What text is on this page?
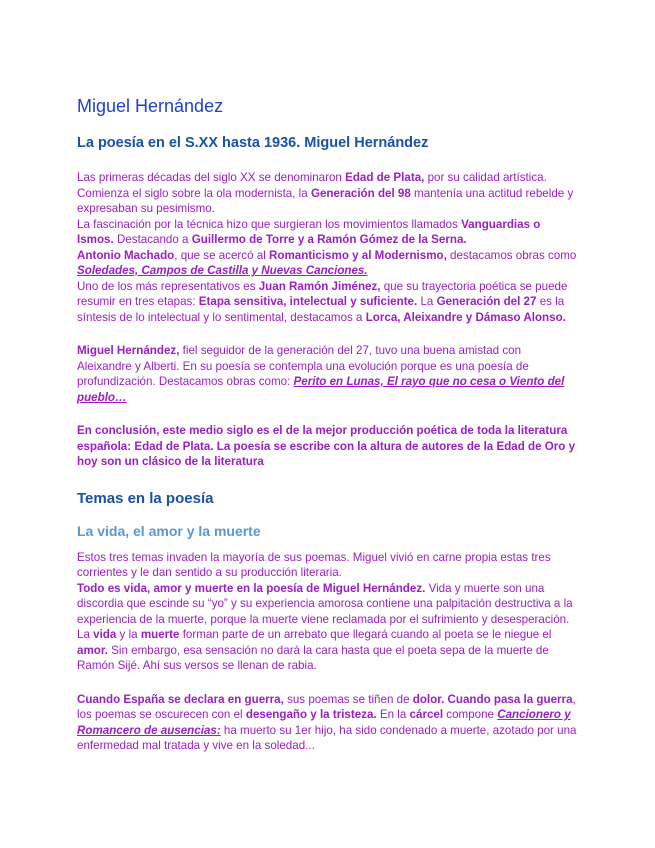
Miguel Hernández
La poesía en el S.XX hasta 1936. Miguel Hernández

Las primeras décadas del siglo XX se denominaron Edad de Plata, por su calidad artística. Comienza el siglo sobre la ola modernista, la Generación del 98 mantenía una actitud rebelde y expresaban su pesimismo.

La fascinación por la técnica hizo que surgieran los movimientos llamados Vanguardias o Ismos. Destacando a Guillermo de Torre y a Ramón Gómez de la Serna.

Antonio Machado, que se acercó al Romanticismo y al Modernismo, destacamos obras como Soledades, Campos de Castilla y Nuevas Canciones.

Uno de los más representativos es Juan Ramón Jiménez, que su trayectoria poética se puede resumir en tres etapas: Etapa sensitiva, intelectual y suficiente. La Generación del 27 es la síntesis de lo intelectual y lo sentimental, destacamos a Lorca, Aleixandre y Dámaso Alonso.

Miguel Hernández, fiel seguidor de la generación del 27, tuvo una buena amistad con Aleixandre y Alberti. En su poesía se contempla una evolución porque es una poesía de profundización. Destacamos obras como: Perito en Lunas, El rayo que no cesa o Viento del pueblo…

En conclusión, este medio siglo es el de la mejor producción poética de toda la literatura española: Edad de Plata. La poesía se escribe con la altura de autores de la Edad de Oro y hoy son un clásico de la literatura

Temas en la poesía
La vida, el amor y la muerte

Estos tres temas invaden la mayoría de sus poemas. Miguel vivió en carne propia estas tres corrientes y le dan sentido a su producción literaria.

Todo es vida, amor y muerte en la poesía de Miguel Hernández. Vida y muerte son una discordia que escinde su “yo” y su experiencia amorosa contiene una palpitación destructiva a la experiencia de la muerte, porque la muerte viene reclamada por el sufrimiento y desesperación.

La vida y la muerte forman parte de un arrebato que llegará cuando al poeta se le niegue el amor. Sin embargo, esa sensación no dará la cara hasta que el poeta sepa de la muerte de Ramón Sijé. Ahí sus versos se llenan de rabia.

Cuando España se declara en guerra, sus poemas se tiñen de dolor. Cuando pasa la guerra, los poemas se oscurecen con el desengaño y la tristeza. En la cárcel compone Cancionero y Romancero de ausencias: ha muerto su 1er hijo, ha sido condenado a muerte, azotado por una enfermedad mal tratada y vive en la soledad...
